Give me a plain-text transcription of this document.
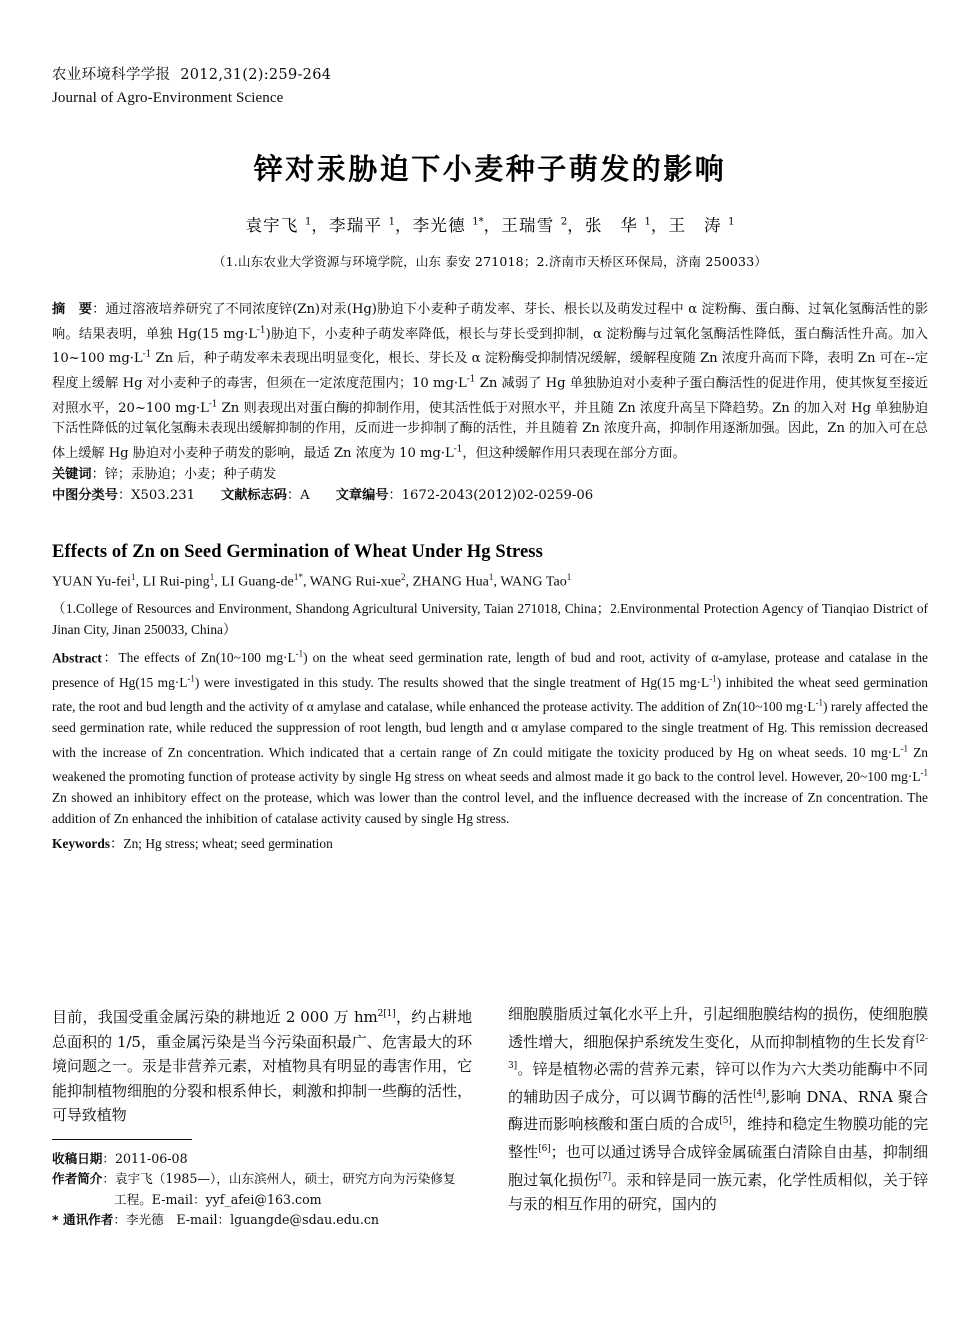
农业环境科学学报  2012,31(2):259-264
Journal of Agro-Environment Science
锌对汞胁迫下小麦种子萌发的影响
袁宇飞 $^1$，李瑞平 $^1$，李光德 $^{1*}$，王瑞雪 $^2$，张　华 $^1$，王　涛 $^1$
（1.山东农业大学资源与环境学院，山东 泰安 271018；2.济南市天桥区环保局，济南 250033）
摘　要：通过溶液培养研究了不同浓度锌(Zn)对汞(Hg)胁迫下小麦种子萌发率、芽长、根长以及萌发过程中 α 淀粉酶、蛋白酶、过氧化氢酶活性的影响。结果表明，单独 Hg(15 mg·L$^{-1}$)胁迫下，小麦种子萌发率降低，根长与芽长受到抑制，α 淀粉酶与过氧化氢酶活性降低，蛋白酶活性升高。加入 10~100 mg·L$^{-1}$ Zn 后，种子萌发率未表现出明显变化，根长、芽长及 α 淀粉酶受抑制情况缓解，缓解程度随 Zn 浓度升高而下降，表明 Zn 可在--定程度上缓解 Hg 对小麦种子的毒害，但须在一定浓度范围内；10 mg·L$^{-1}$ Zn 减弱了 Hg 单独胁迫对小麦种子蛋白酶活性的促进作用，使其恢复至接近对照水平，20~100 mg·L$^{-1}$ Zn 则表现出对蛋白酶的抑制作用，使其活性低于对照水平，并且随 Zn 浓度升高呈下降趋势。Zn 的加入对 Hg 单独胁迫下活性降低的过氧化氢酶未表现出缓解抑制的作用，反而进一步抑制了酶的活性，并且随着 Zn 浓度升高，抑制作用逐渐加强。因此，Zn 的加入可在总体上缓解 Hg 胁迫对小麦种子萌发的影响，最适 Zn 浓度为 10 mg·L$^{-1}$，但这种缓解作用只表现在部分方面。
关键词：锌；汞胁迫；小麦；种子萌发
中图分类号：X503.231 文献标志码：A 文章编号：1672-2043(2012)02-0259-06
Effects of Zn on Seed Germination of Wheat Under Hg Stress
YUAN Yu-fei$^1$, LI Rui-ping$^1$, LI Guang-$de^{1*}$, WANG Rui-xue$^2$, ZHANG Hua$^1$, WANG Tao$^1$
（1.College of Resources and Environment, Shandong Agricultural University, Taian 271018, China；2.Environmental Protection Agency of Tianqiao District of Jinan City, Jinan 250033, China）
Abstract：The effects of Zn(10~100 mg·L$^{-1}$) on the wheat seed germination rate, length of bud and root, activity of α-amylase, protease and catalase in the presence of Hg(15 mg·L$^{-1}$) were investigated in this study. The results showed that the single treatment of Hg(15 mg·L$^{-1}$) inhibited the wheat seed germination rate, the root and bud length and the activity of α amylase and catalase, while enhanced the protease activity. The addition of Zn(10~100 mg·L$^{-1}$) rarely affected the seed germination rate, while reduced the suppression of root length, bud length and α amylase compared to the single treatment of Hg. This remission decreased with the increase of Zn concentration. Which indicated that a certain range of Zn could mitigate the toxicity produced by Hg on wheat seeds. 10 mg·L$^{-1}$ Zn weakened the promoting function of protease activity by single Hg stress on wheat seeds and almost made it go back to the control level. However, 20~100 mg·L$^{-1}$ Zn showed an inhibitory effect on the protease, which was lower than the control level, and the influence decreased with the increase of Zn concentration. The addition of Zn enhanced the inhibition of catalase activity caused by single Hg stress.
Keywords：Zn; Hg stress; wheat; seed germination
目前，我国受重金属污染的耕地近 2 000 万 hm$^{2[1]}$，约占耕地总面积的 1/5，重金属污染是当今污染面积最广、危害最大的环境问题之一。汞是非营养元素，对植物具有明显的毒害作用，它能抑制植物细胞的分裂和根系伸长，刺激和抑制一些酶的活性，可导致植物
收稿日期：2011-06-08
作者简介：袁宇飞（1985—），山东滨州人，硕士，研究方向为污染修复
工程。E-mail：yyf_afei@163.com
* 通讯作者：李光德　E-mail：lguangde@sdau.edu.cn
细胞膜脂质过氧化水平上升，引起细胞膜结构的损伤，使细胞膜透性增大，细胞保护系统发生变化，从而抑制植物的生长发育[2-3]。锌是植物必需的营养元素，锌可以作为六大类功能酶中不同的辅助因子成分，可以调节酶的活性[4],影响 DNA、RNA 聚合酶进而影响核酸和蛋白质的合成[5]，维持和稳定生物膜功能的完整性[6]；也可以通过诱导合成锌金属硫蛋白清除自由基，抑制细胞过氧化损伤[7]。汞和锌是同一族元素，化学性质相似，关于锌与汞的相互作用的研究，国内的
